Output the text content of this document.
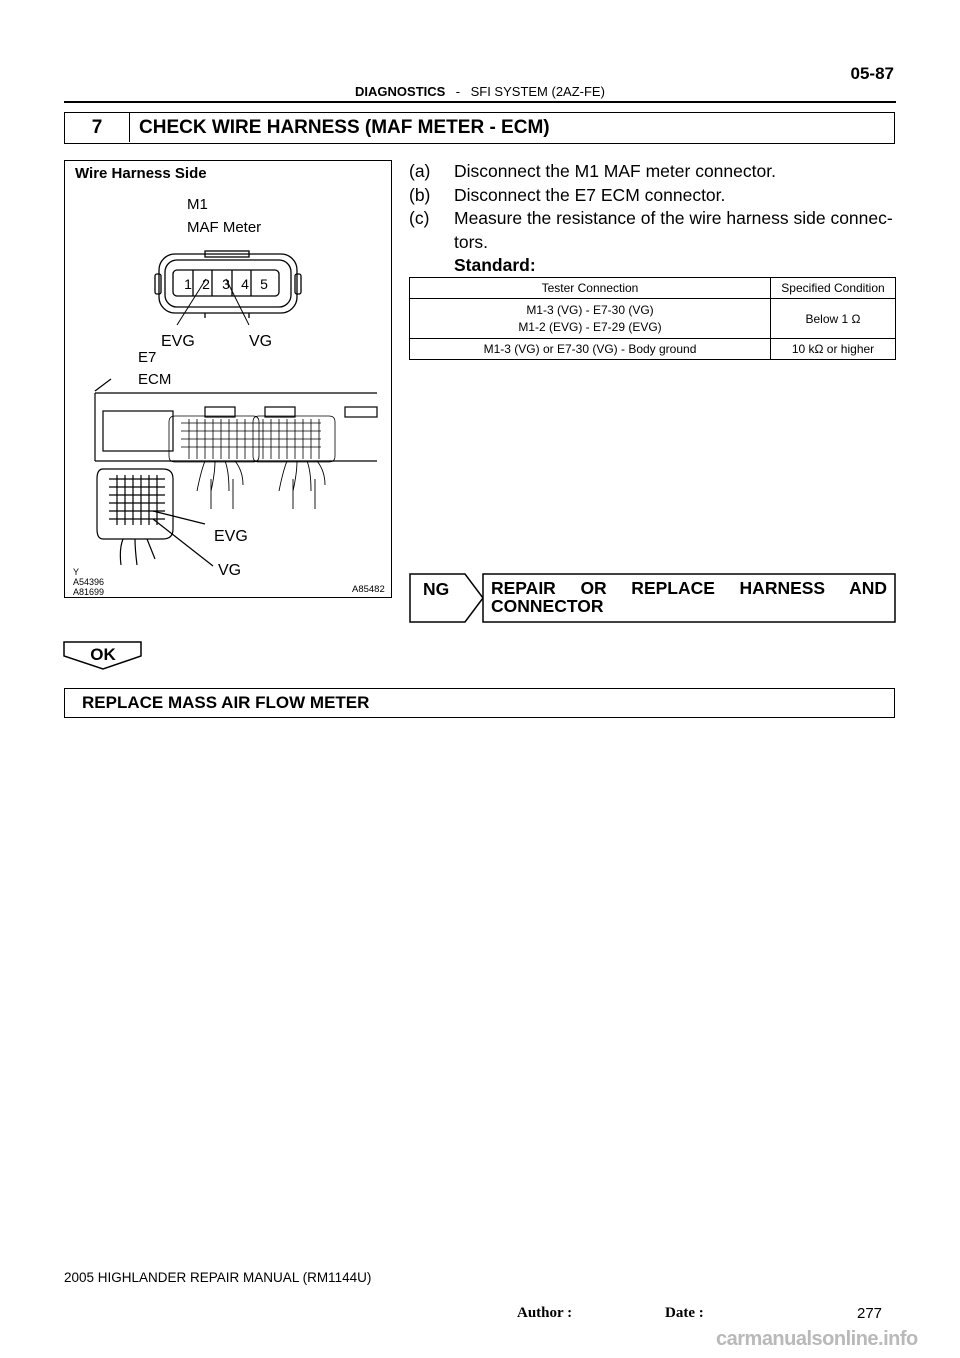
05-87
DIAGNOSTICS - SFI SYSTEM (2AZ-FE)
7	CHECK WIRE HARNESS (MAF METER - ECM)
Wire Harness Side
M1
MAF Meter
1 2 3 4 5
EVG	VG
E7
ECM
EVG
VG
Y
A54396
A81699	A85482
(a)	Disconnect the M1 MAF meter connector.
(b)	Disconnect the E7 ECM connector.
(c)	Measure the resistance of the wire harness side connec-
tors.
Standard:
Tester Connection	Specified Condition

M1-3 (VG) - E7-30 (VG)
M1-2 (EVG) - E7-29 (EVG)	Below 1 Ω
M1-3 (VG) or E7-30 (VG) - Body ground	10 kΩ or higher
NG REPAIR OR REPLACE HARNESS AND CONNECTOR
OK
REPLACE MASS AIR FLOW METER
2005 HIGHLANDER REPAIR MANUAL (RM1144U)
Author :	Date :	277
carmanualsonline.info
